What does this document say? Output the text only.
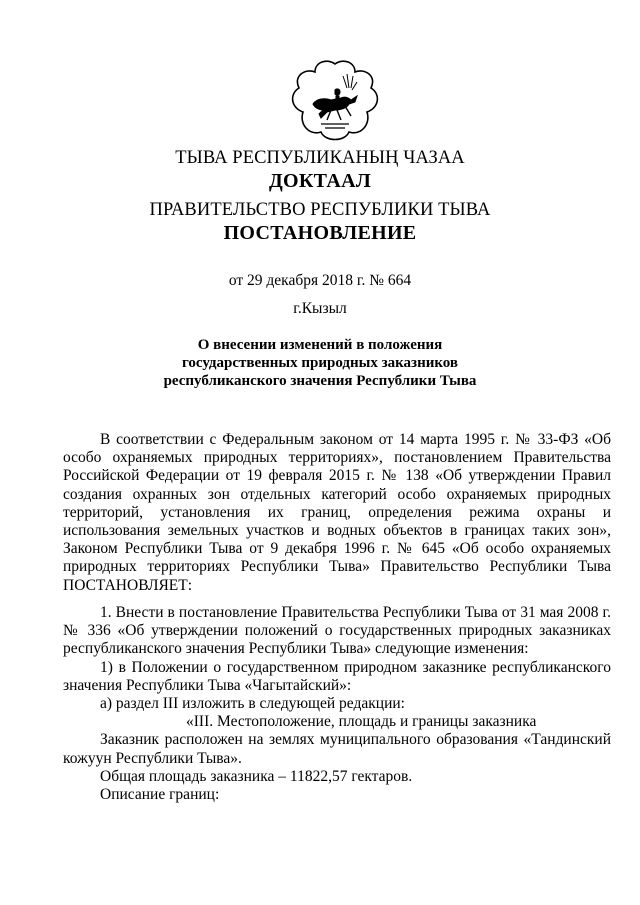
ТЫВА РЕСПУБЛИКАНЫҢ ЧАЗАА
ДОКТААЛ
ПРАВИТЕЛЬСТВО РЕСПУБЛИКИ ТЫВА
ПОСТАНОВЛЕНИЕ
от 29 декабря 2018 г. № 664
г.Кызыл
О внесении изменений в положения
государственных природных заказников
республиканского значения Республики Тыва

В соответствии с Федеральным законом от 14 марта 1995 г. № 33-ФЗ «Об особо охраняемых природных территориях», постановлением Правительства Российской Федерации от 19 февраля 2015 г. № 138 «Об утверждении Правил создания охранных зон отдельных категорий особо охраняемых природных территорий, установления их границ, определения режима охраны и использования земельных участков и водных объектов в границах таких зон», Законом Республики Тыва от 9 декабря 1996 г. № 645 «Об особо охраняемых природных территориях Республики Тыва» Правительство Республики Тыва ПОСТАНОВЛЯЕТ:

1. Внести в постановление Правительства Республики Тыва от 31 мая 2008 г. № 336 «Об утверждении положений о государственных природных заказниках республиканского значения Республики Тыва» следующие изменения:

1) в Положении о государственном природном заказнике республиканского значения Республики Тыва «Чагытайский»:

а) раздел III изложить в следующей редакции:
«III. Местоположение, площадь и границы заказника

Заказник расположен на землях муниципального образования «Тандинский кожуун Республики Тыва».

Общая площадь заказника – 11822,57 гектаров.
Описание границ:
